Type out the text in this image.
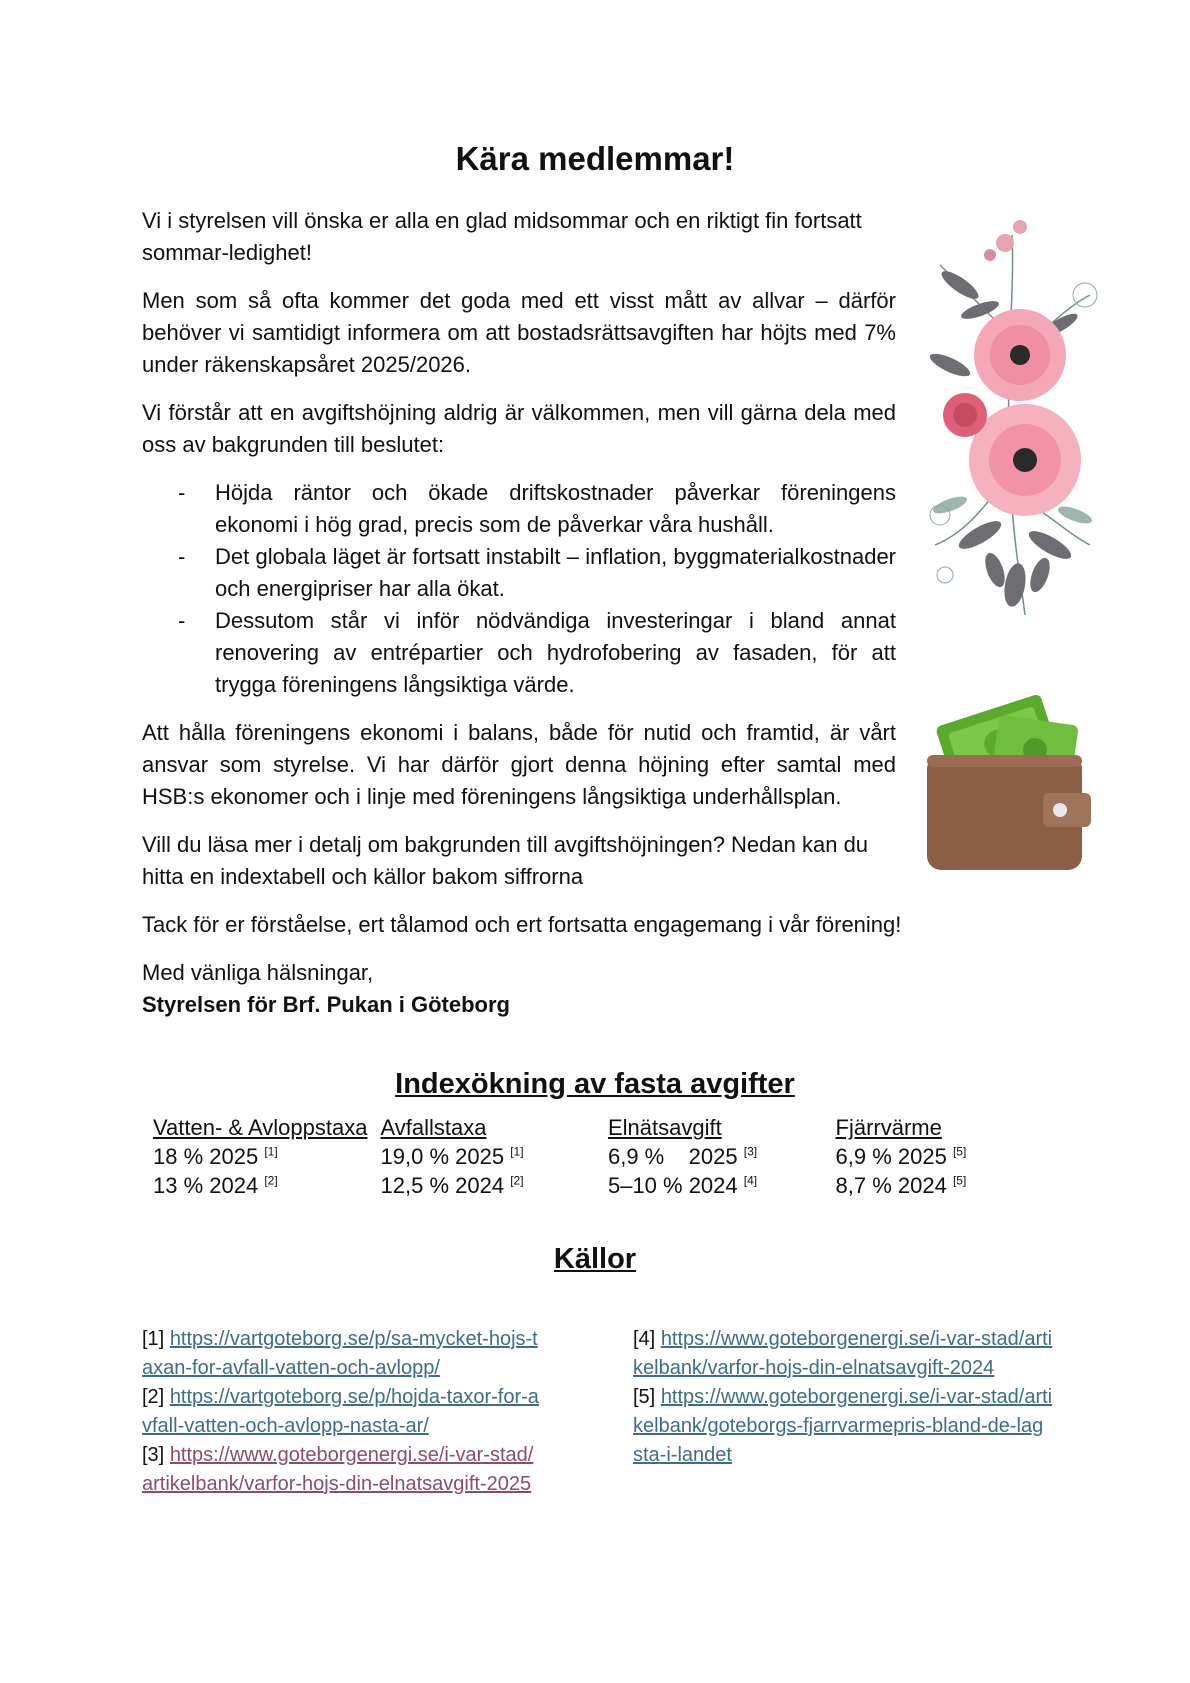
Kära medlemmar!

Vi i styrelsen vill önska er alla en glad midsommar och en riktigt fin fortsatt sommar-ledighet!

Men som så ofta kommer det goda med ett visst mått av allvar – därför behöver vi samtidigt informera om att bostadsrättsavgiften har höjts med 7% under räkenskapsåret 2025/2026.

Vi förstår att en avgiftshöjning aldrig är välkommen, men vill gärna dela med oss av bakgrunden till beslutet:

- Höjda räntor och ökade driftskostnader påverkar föreningens ekonomi i hög grad, precis som de påverkar våra hushåll.
- Det globala läget är fortsatt instabilt – inflation, byggmaterialkostnader och energipriser har alla ökat.
- Dessutom står vi inför nödvändiga investeringar i bland annat renovering av entrépartier och hydrofobering av fasaden, för att trygga föreningens långsiktiga värde.

Att hålla föreningens ekonomi i balans, både för nutid och framtid, är vårt ansvar som styrelse. Vi har därför gjort denna höjning efter samtal med HSB:s ekonomer och i linje med föreningens långsiktiga underhållsplan.

Vill du läsa mer i detalj om bakgrunden till avgiftshöjningen? Nedan kan du hitta en indextabell och källor bakom siffrorna

Tack för er förståelse, ert tålamod och ert fortsatta engagemang i vår förening!

Med vänliga hälsningar,
Styrelsen för Brf. Pukan i Göteborg

Indexökning av fasta avgifter
Vatten- & Avloppstaxa	Avfallstaxa	Elnätsavgift	Fjärrvärme
18 % 2025 [1]	19,0 % 2025 [1]	6,9 %    2025 [3]	6,9 % 2025 [5]
13 % 2024 [2]	12,5 % 2024 [2]	5–10 % 2024 [4]	8,7 % 2024 [5]
Källor

[1] https://vartgoteborg.se/p/sa-mycket-hojs-taxan-for-avfall-vatten-och-avlopp/

[2] https://vartgoteborg.se/p/hojda-taxor-for-avfall-vatten-och-avlopp-nasta-ar/

[3] https://www.goteborgenergi.se/i-var-stad/artikelbank/varfor-hojs-din-elnatsavgift-2025

[4] https://www.goteborgenergi.se/i-var-stad/artikelbank/varfor-hojs-din-elnatsavgift-2024

[5] https://www.goteborgenergi.se/i-var-stad/artikelbank/goteborgs-fjarrvarmepris-bland-de-lagsta-i-landet
